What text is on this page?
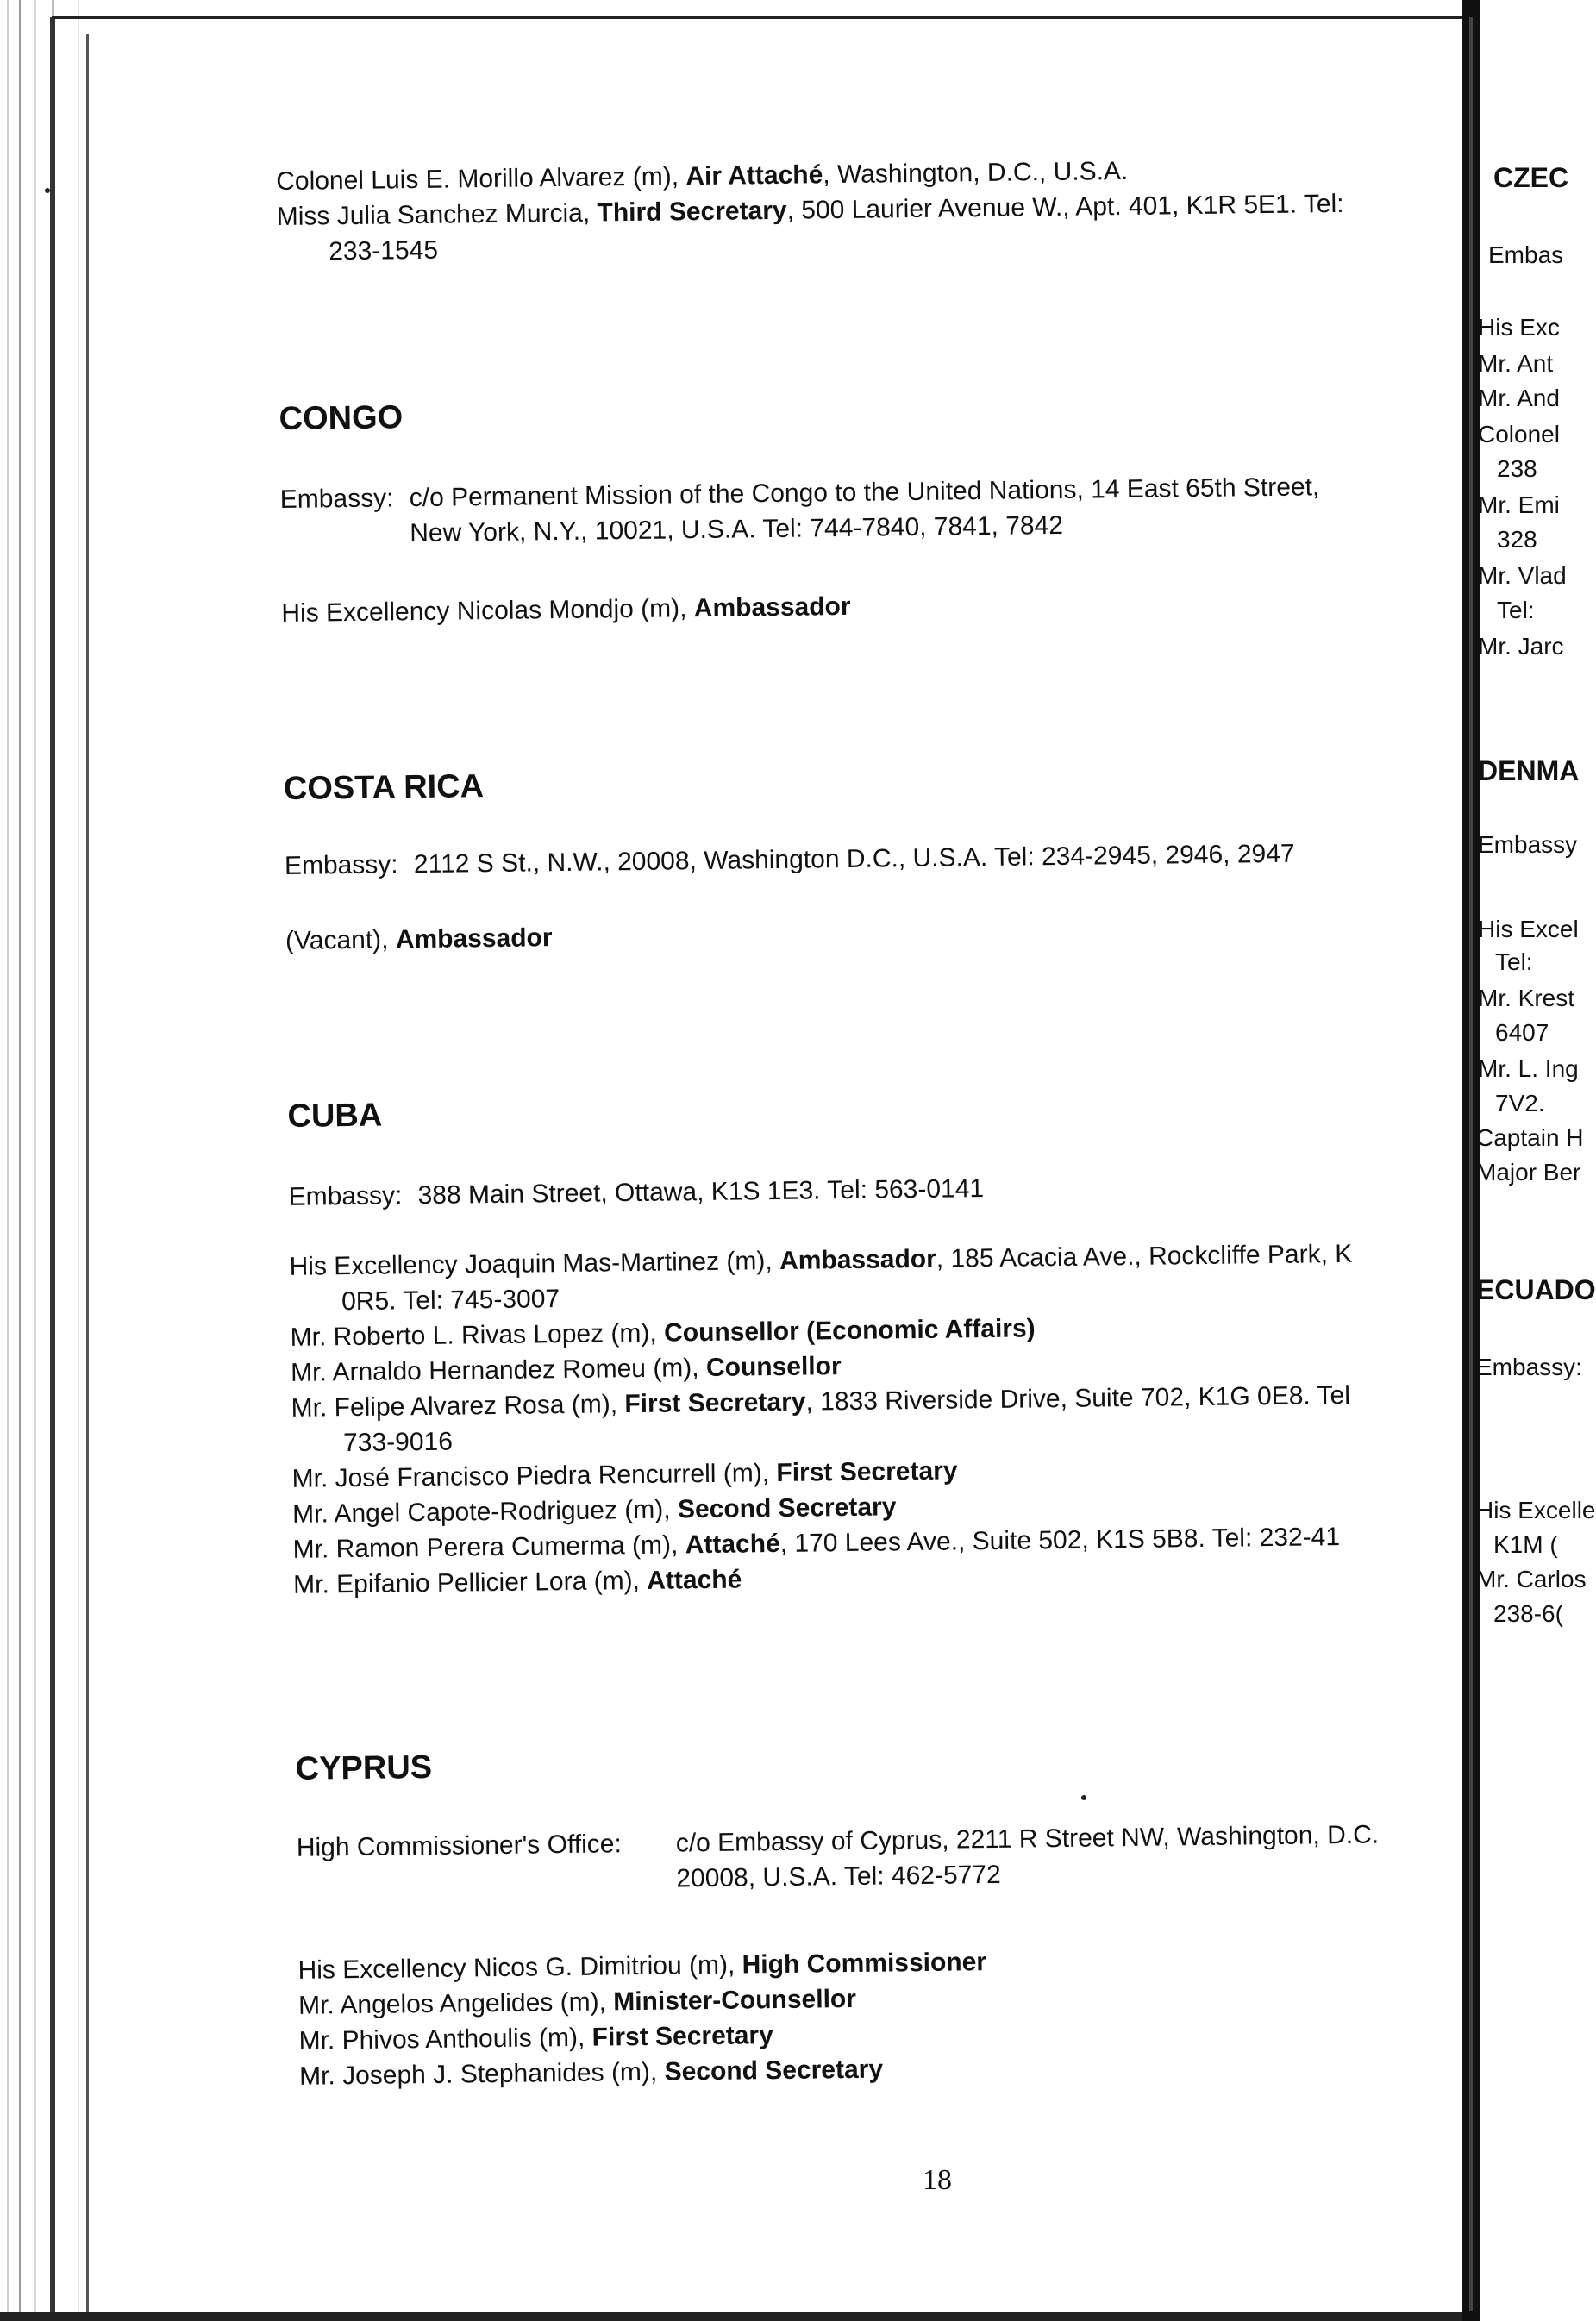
Colonel Luis E. Morillo Alvarez (m), Air Attaché, Washington, D.C., U.S.A.
Miss Julia Sanchez Murcia, Third Secretary, 500 Laurier Avenue W., Apt. 401, K1R 5E1. Tel:
233-1545
CONGO
Embassy: c/o Permanent Mission of the Congo to the United Nations, 14 East 65th Street,
New York, N.Y., 10021, U.S.A. Tel: 744-7840, 7841, 7842
His Excellency Nicolas Mondjo (m), Ambassador
COSTA RICA
Embassy: 2112 S St., N.W., 20008, Washington D.C., U.S.A. Tel: 234-2945, 2946, 2947
(Vacant), Ambassador
CUBA
Embassy: 388 Main Street, Ottawa, K1S 1E3. Tel: 563-0141
His Excellency Joaquin Mas-Martinez (m), Ambassador, 185 Acacia Ave., Rockcliffe Park, K
0R5. Tel: 745-3007
Mr. Roberto L. Rivas Lopez (m), Counsellor (Economic Affairs)
Mr. Arnaldo Hernandez Romeu (m), Counsellor
Mr. Felipe Alvarez Rosa (m), First Secretary, 1833 Riverside Drive, Suite 702, K1G 0E8. Tel
733-9016
Mr. José Francisco Piedra Rencurrell (m), First Secretary
Mr. Angel Capote-Rodriguez (m), Second Secretary
Mr. Ramon Perera Cumerma (m), Attaché, 170 Lees Ave., Suite 502, K1S 5B8. Tel: 232-41
Mr. Epifanio Pellicier Lora (m), Attaché
CYPRUS
High Commissioner's Office:	c/o Embassy of Cyprus, 2211 R Street NW, Washington, D.C.
20008, U.S.A. Tel: 462-5772
His Excellency Nicos G. Dimitriou (m), High Commissioner
Mr. Angelos Angelides (m), Minister-Counsellor
Mr. Phivos Anthoulis (m), First Secretary
Mr. Joseph J. Stephanides (m), Second Secretary
18
CZEC
Embas
His Exc
Mr. Ant
Mr. And
Colonel
238
Mr. Emi
328
Mr. Vlad
Tel:
Mr. Jarc
DENMA
Embassy
His Excel
Tel:
Mr. Krest
6407
Mr. L. Ing
7V2.
Captain H
Major Ber
ECUADO
Embassy:
His Excelle
K1M (
Mr. Carlos
238-6(
